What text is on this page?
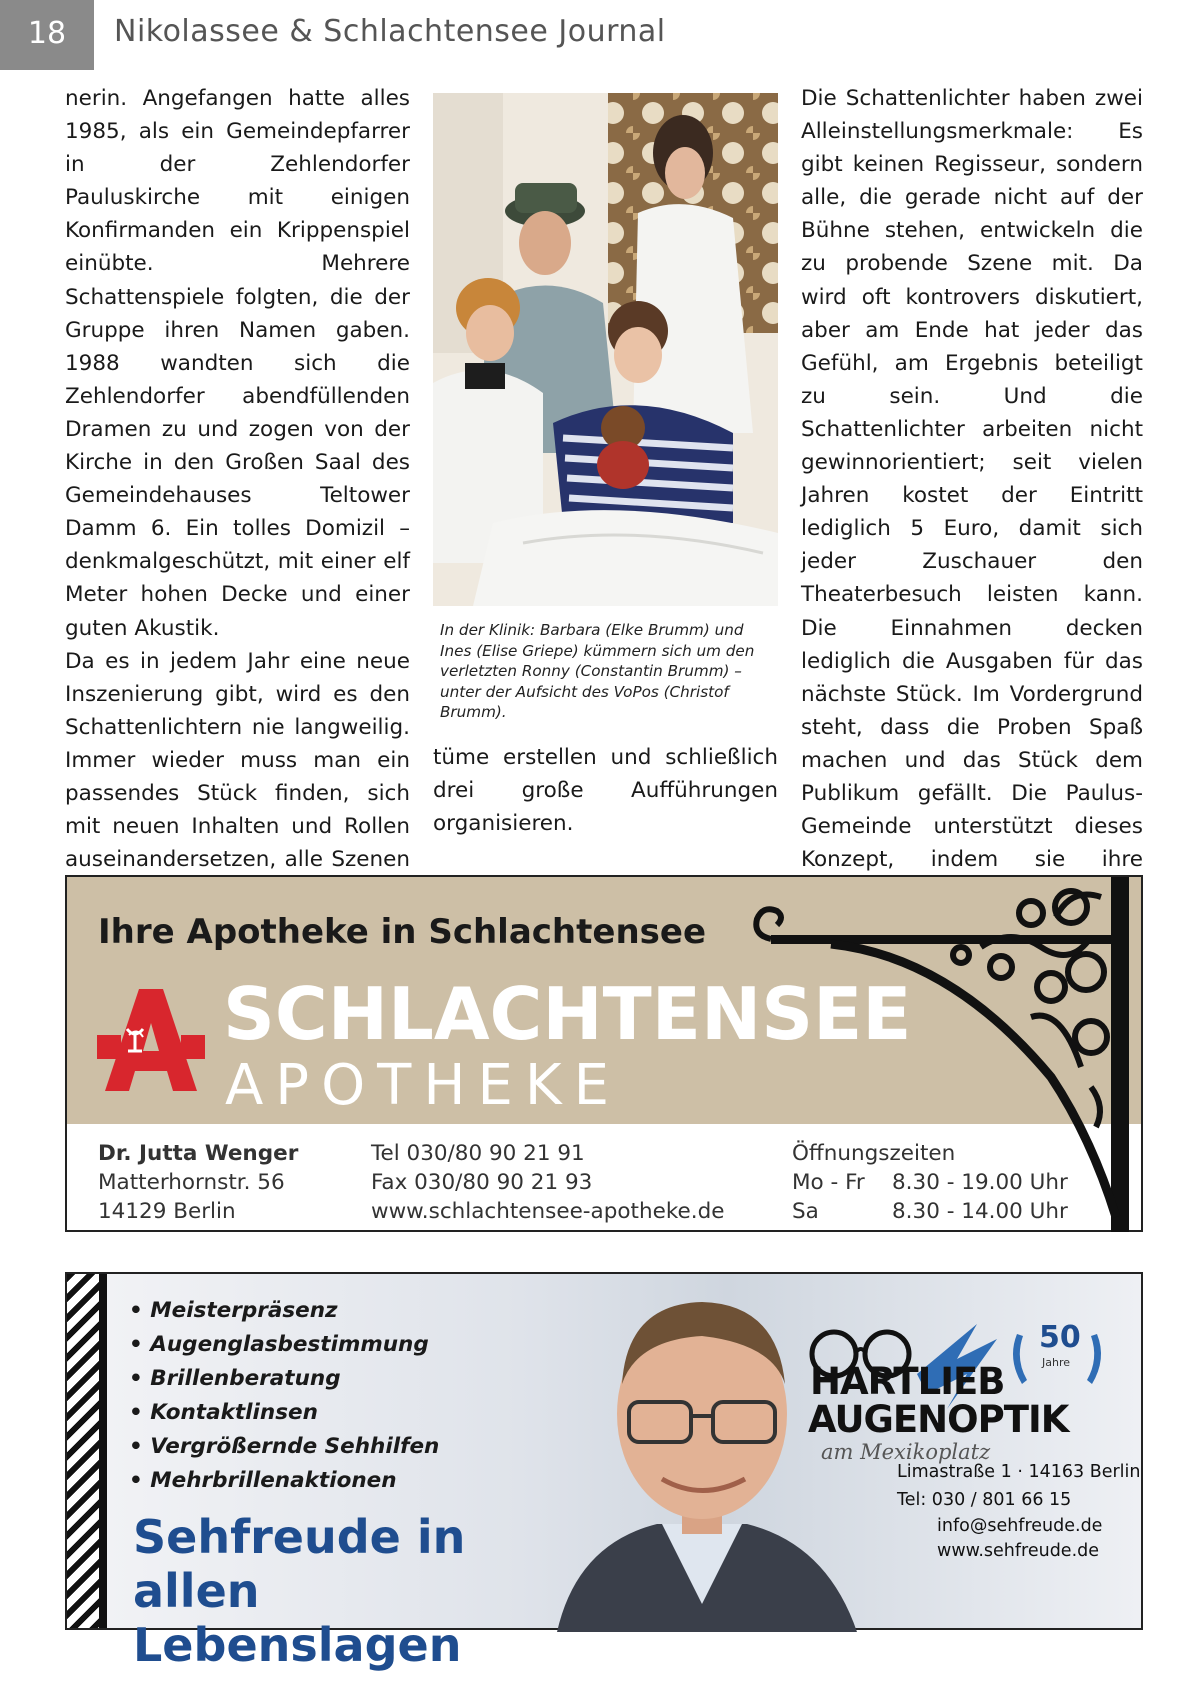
18	Nikolassee & Schlachtensee Journal

nerin. Angefangen hatte alles 1985, als ein Gemeindepfarrer in der Zehlendorfer Pauluskirche mit einigen Konfirmanden ein Krippenspiel einübte. Mehrere Schattenspiele folgten, die der Gruppe ihren Namen gaben. 1988 wandten sich die Zehlendorfer abendfüllenden Dramen zu und zogen von der Kirche in den Großen Saal des Gemeindehauses Teltower Damm 6. Ein tolles Domizil – denkmalgeschützt, mit einer elf Meter hohen Decke und einer guten Akustik.

Da es in jedem Jahr eine neue Inszenierung gibt, wird es den Schattenlichtern nie langweilig. Immer wieder muss man ein passendes Stück finden, sich mit neuen Inhalten und Rollen auseinandersetzen, alle Szenen

In der Klinik: Barbara (Elke Brumm) und Ines (Elise Griepe) kümmern sich um den verletzten Ronny (Constantin Brumm) – unter der Aufsicht des VoPos (Christof Brumm).

tüme erstellen und schließlich drei große Aufführungen organisieren.

Die Schattenlichter haben zwei Alleinstellungsmerkmale: Es gibt keinen Regisseur, sondern alle, die gerade nicht auf der Bühne stehen, entwickeln die zu probende Szene mit. Da wird oft kontrovers diskutiert, aber am Ende hat jeder das Gefühl, am Ergebnis beteiligt zu sein. Und die Schattenlichter arbeiten nicht gewinnorientiert; seit vielen Jahren kostet der Eintritt lediglich 5 Euro, damit sich jeder Zuschauer den Theaterbesuch leisten kann. Die Einnahmen decken lediglich die Ausgaben für das nächste Stück. Im Vordergrund steht, dass die Proben Spaß machen und das Stück dem Publikum gefällt. Die Paulus-Gemeinde unterstützt dieses Konzept, indem sie ihre

Ihre Apotheke in Schlachtensee
SCHLACHTENSEE
APOTHEKE
Dr. Jutta Wenger
Matterhornstr. 56
14129 Berlin
Tel 030/80 90 21 91
Fax 030/80 90 21 93
www.schlachtensee-apotheke.de
Öffnungszeiten
Mo - Fr	8.30 - 19.00 Uhr
Sa	8.30 - 14.00 Uhr
• Meisterpräsenz
• Augenglasbestimmung
• Brillenberatung
• Kontaktlinsen
• Vergrößernde Sehhilfen
• Mehrbrillenaktionen
HARTLIEB
AUGENOPTIK
am Mexikoplatz
50
Jahre
Sehfreude in allen Lebenslagen
Limastraße 1 · 14163 Berlin
Tel: 030 / 801 66 15
info@sehfreude.de
www.sehfreude.de
